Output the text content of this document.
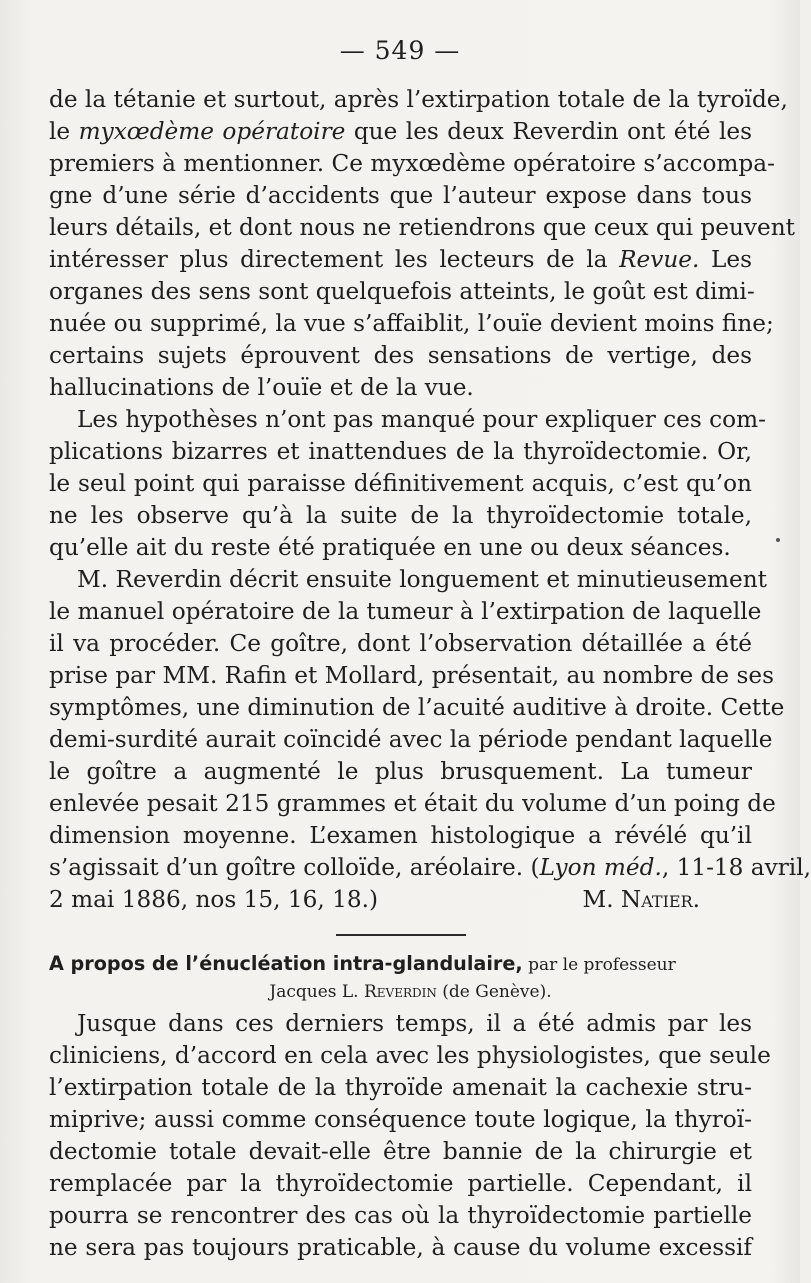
— 549 —
de la tétanie et surtout, après l’extirpation totale de la tyroïde,
le myxœdème opératoire que les deux Reverdin ont été les
premiers à mentionner. Ce myxœdème opératoire s’accompa-
gne d’une série d’accidents que l’auteur expose dans tous
leurs détails, et dont nous ne retiendrons que ceux qui peuvent
intéresser plus directement les lecteurs de la Revue. Les
organes des sens sont quelquefois atteints, le goût est dimi-
nuée ou supprimé, la vue s’affaiblit, l’ouïe devient moins fine;
certains sujets éprouvent des sensations de vertige, des
hallucinations de l’ouïe et de la vue.
Les hypothèses n’ont pas manqué pour expliquer ces com-
plications bizarres et inattendues de la thyroïdectomie. Or,
le seul point qui paraisse définitivement acquis, c’est qu’on
ne les observe qu’à la suite de la thyroïdectomie totale,
qu’elle ait du reste été pratiquée en une ou deux séances.
M. Reverdin décrit ensuite longuement et minutieusement
le manuel opératoire de la tumeur à l’extirpation de laquelle
il va procéder. Ce goître, dont l’observation détaillée a été
prise par MM. Rafin et Mollard, présentait, au nombre de ses
symptômes, une diminution de l’acuité auditive à droite. Cette
demi-surdité aurait coïncidé avec la période pendant laquelle
le goître a augmenté le plus brusquement. La tumeur
enlevée pesait 215 grammes et était du volume d’un poing de
dimension moyenne. L’examen histologique a révélé qu’il
s’agissait d’un goître colloïde, aréolaire. (Lyon méd., 11-18 avril,
2 mai 1886, nos 15, 16, 18.)	M. Natier.
A propos de l’énucléation intra-glandulaire, par le professeur
Jacques L. Reverdin (de Genève).
Jusque dans ces derniers temps, il a été admis par les
cliniciens, d’accord en cela avec les physiologistes, que seule
l’extirpation totale de la thyroïde amenait la cachexie stru-
miprive; aussi comme conséquence toute logique, la thyroï-
dectomie totale devait-elle être bannie de la chirurgie et
remplacée par la thyroïdectomie partielle. Cependant, il
pourra se rencontrer des cas où la thyroïdectomie partielle
ne sera pas toujours praticable, à cause du volume excessif
